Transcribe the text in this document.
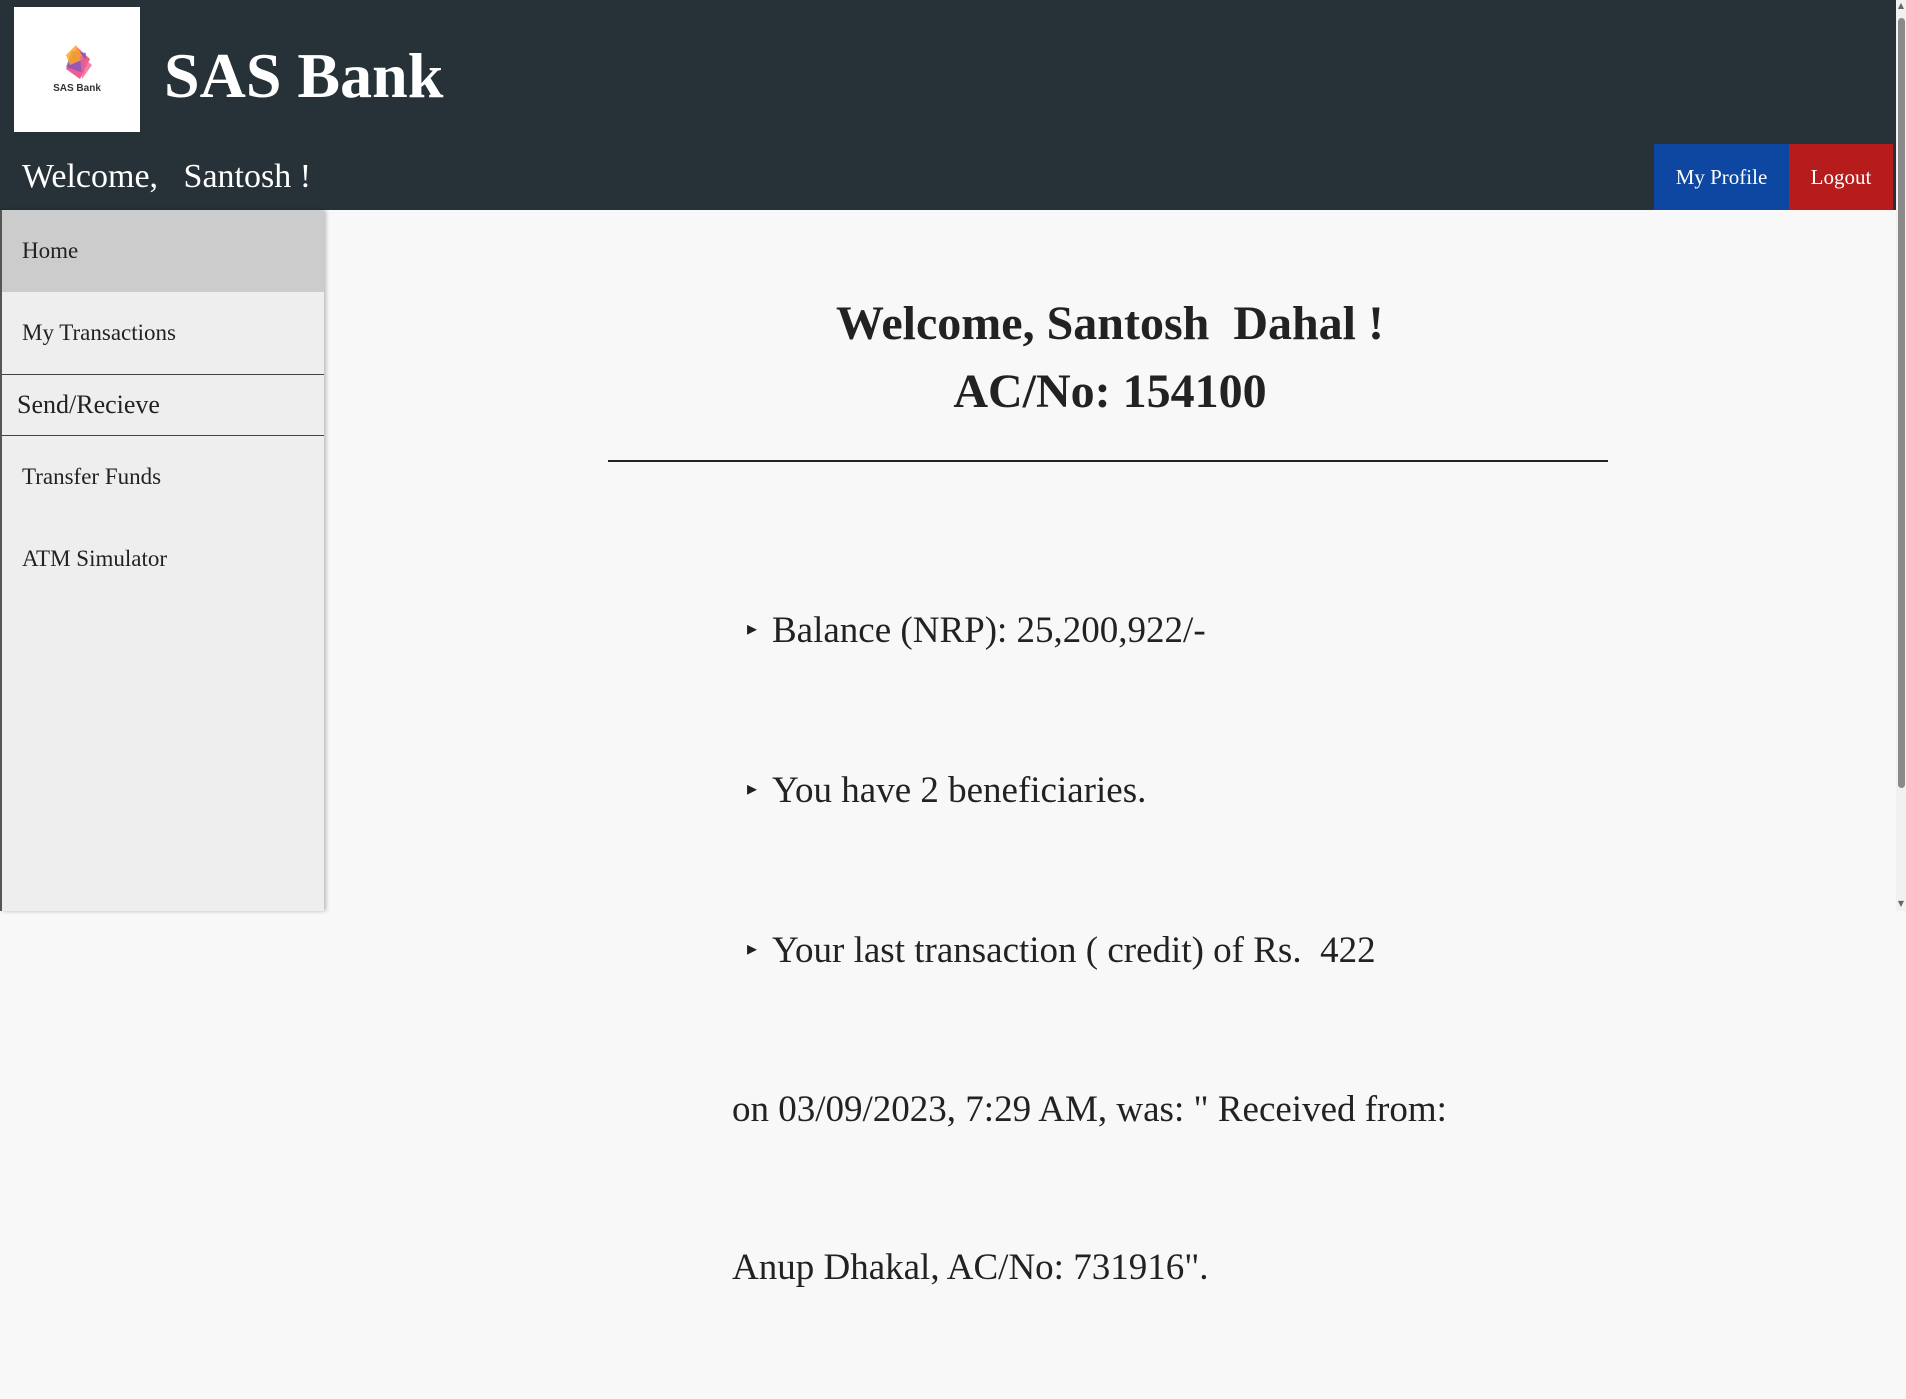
SAS Bank SAS Bank
Welcome,   Santosh !	My Profile	Logout
Home
My Transactions
Send/Recieve
Transfer Funds
ATM Simulator
Welcome, Santosh  Dahal !
AC/No: 154100

▸ Balance (NRP): 25,200,922/-

▸ You have 2 beneficiaries.

▸ Your last transaction ( credit) of Rs.  422

on 03/09/2023, 7:29 AM, was: " Received from:

Anup Dhakal, AC/No: 731916".

▲
▼
